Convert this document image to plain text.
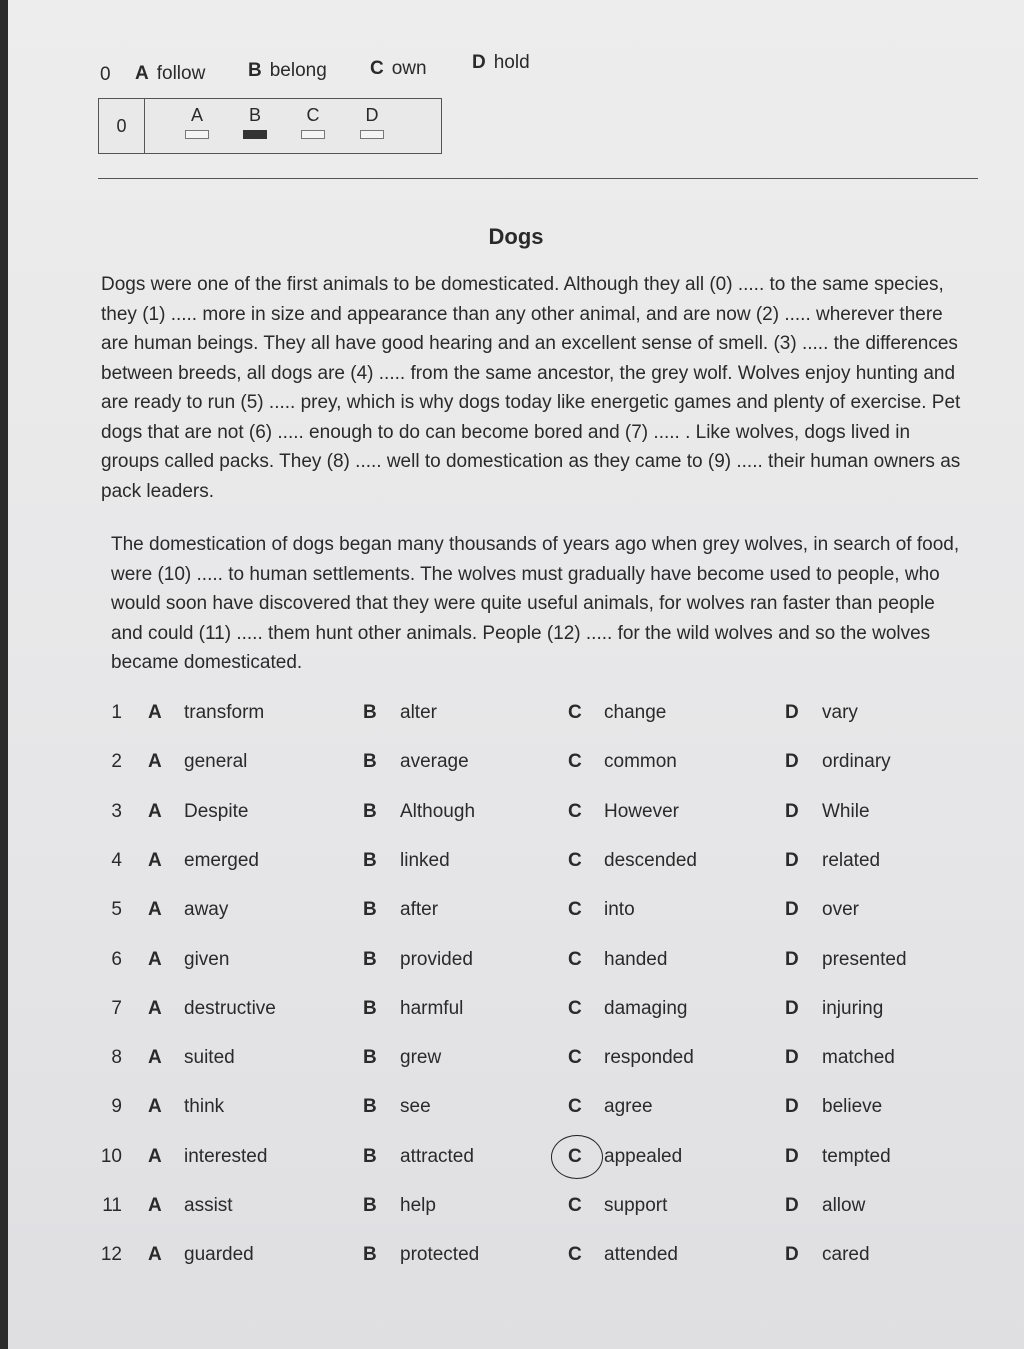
0 A follow B belong C own D hold
0
A	B	C	D
Dogs

Dogs were one of the first animals to be domesticated. Although they all (0) ..... to the same species, they (1) ..... more in size and appearance than any other animal, and are now (2) ..... wherever there are human beings. They all have good hearing and an excellent sense of smell. (3) ..... the differences between breeds, all dogs are (4) ..... from the same ancestor, the grey wolf. Wolves enjoy hunting and are ready to run (5) ..... prey, which is why dogs today like energetic games and plenty of exercise. Pet dogs that are not (6) ..... enough to do can become bored and (7) ..... . Like wolves, dogs lived in groups called packs. They (8) ..... well to domestication as they came to (9) ..... their human owners as pack leaders.

The domestication of dogs began many thousands of years ago when grey wolves, in search of food, were (10) ..... to human settlements. The wolves must gradually have become used to people, who would soon have discovered that they were quite useful animals, for wolves ran faster than people and could (11) ..... them hunt other animals. People (12) ..... for the wild wolves and so the wolves became domesticated.

1 A transform	B alter	C change	D vary
2 A general	B average	C common	D ordinary
3 A Despite	B Although	C However	D While
4 A emerged	B linked	C descended	D related
5 A away	B after	C into	D over
6 A given	B provided	C handed	D presented
7 A destructive	B harmful	C damaging	D injuring
8 A suited	B grew	C responded	D matched
9 A think	B see	C agree	D believe
10 A interested	B attracted	C appealed	D tempted
11 A assist	B help	C support	D allow
12 A guarded	B protected	C attended	D cared
